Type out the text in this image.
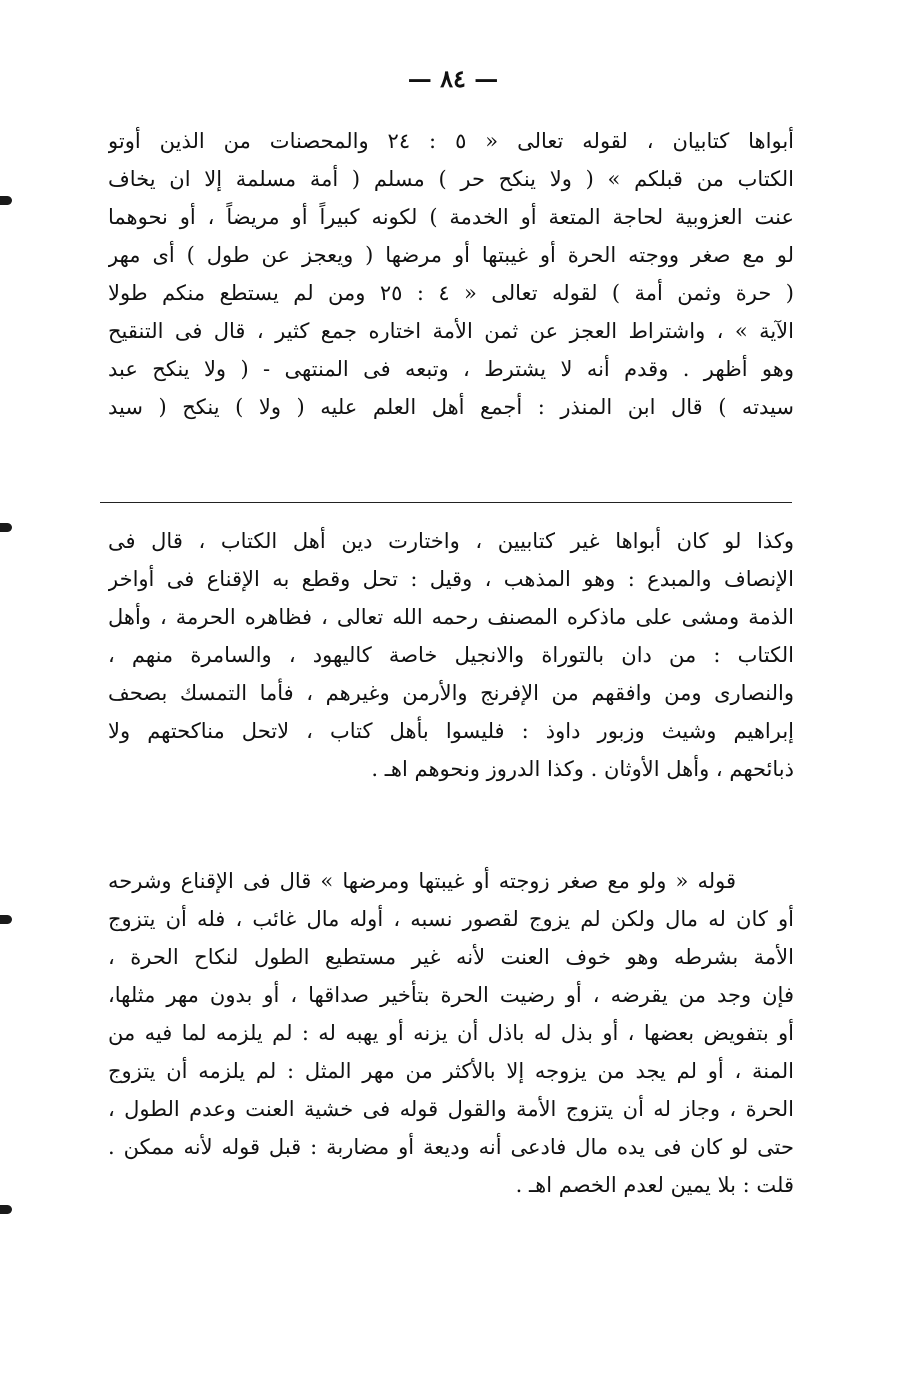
— ٨٤ —
أبواها كتابيان ، لقوله تعالى « ٥ : ٢٤ والمحصنات من الذين أوتو
الكتاب من قبلكم » ( ولا ينكح حر ) مسلم ( أمة مسلمة إلا ان يخاف
عنت العزوبية لحاجة المتعة أو الخدمة ) لكونه كبيراً أو مريضاً ، أو نحوهما
لو مع صغر ووجته الحرة أو غيبتها أو مرضها ( ويعجز عن طول ) أى مهر
( حرة وثمن أمة ) لقوله تعالى « ٤ : ٢٥ ومن لم يستطع منكم طولا
الآية » ، واشتراط العجز عن ثمن الأمة اختاره جمع كثير ، قال فى التنقيح
وهو أظهر . وقدم أنه لا يشترط ، وتبعه فى المنتهى - ( ولا ينكح عبد
سيدته ) قال ابن المنذر : أجمع أهل العلم عليه ( ولا ) ينكح ( سيد
وكذا لو كان أبواها غير كتابيين ، واختارت دين أهل الكتاب ، قال فى
الإنصاف والمبدع : وهو المذهب ، وقيل : تحل وقطع به الإقناع فى أواخر
الذمة ومشى على ماذكره المصنف رحمه الله تعالى ، فظاهره الحرمة ، وأهل
الكتاب : من دان بالتوراة والانجيل خاصة كاليهود ، والسامرة منهم ،
والنصارى ومن وافقهم من الإفرنج والأرمن وغيرهم ، فأما التمسك بصحف
إبراهيم وشيث وزبور داوذ : فليسوا بأهل كتاب ، لاتحل مناكحتهم ولا
ذبائحهم ، وأهل الأوثان . وكذا الدروز ونحوهم اهـ .
قوله « ولو مع صغر زوجته أو غيبتها ومرضها » قال فى الإقناع وشرحه
أو كان له مال ولكن لم يزوج لقصور نسبه ، أوله مال غائب ، فله أن يتزوج
الأمة بشرطه وهو خوف العنت لأنه غير مستطيع الطول لنكاح الحرة ،
فإن وجد من يقرضه ، أو رضيت الحرة بتأخير صداقها ، أو بدون مهر مثلها،
أو بتفويض بعضها ، أو بذل له باذل أن يزنه أو يهبه له : لم يلزمه لما فيه من
المنة ، أو لم يجد من يزوجه إلا بالأكثر من مهر المثل : لم يلزمه أن يتزوج
الحرة ، وجاز له أن يتزوج الأمة والقول قوله فى خشية العنت وعدم الطول ،
حتى لو كان فى يده مال فادعى أنه وديعة أو مضاربة : قبل قوله لأنه ممكن .
قلت : بلا يمين لعدم الخصم اهـ .
